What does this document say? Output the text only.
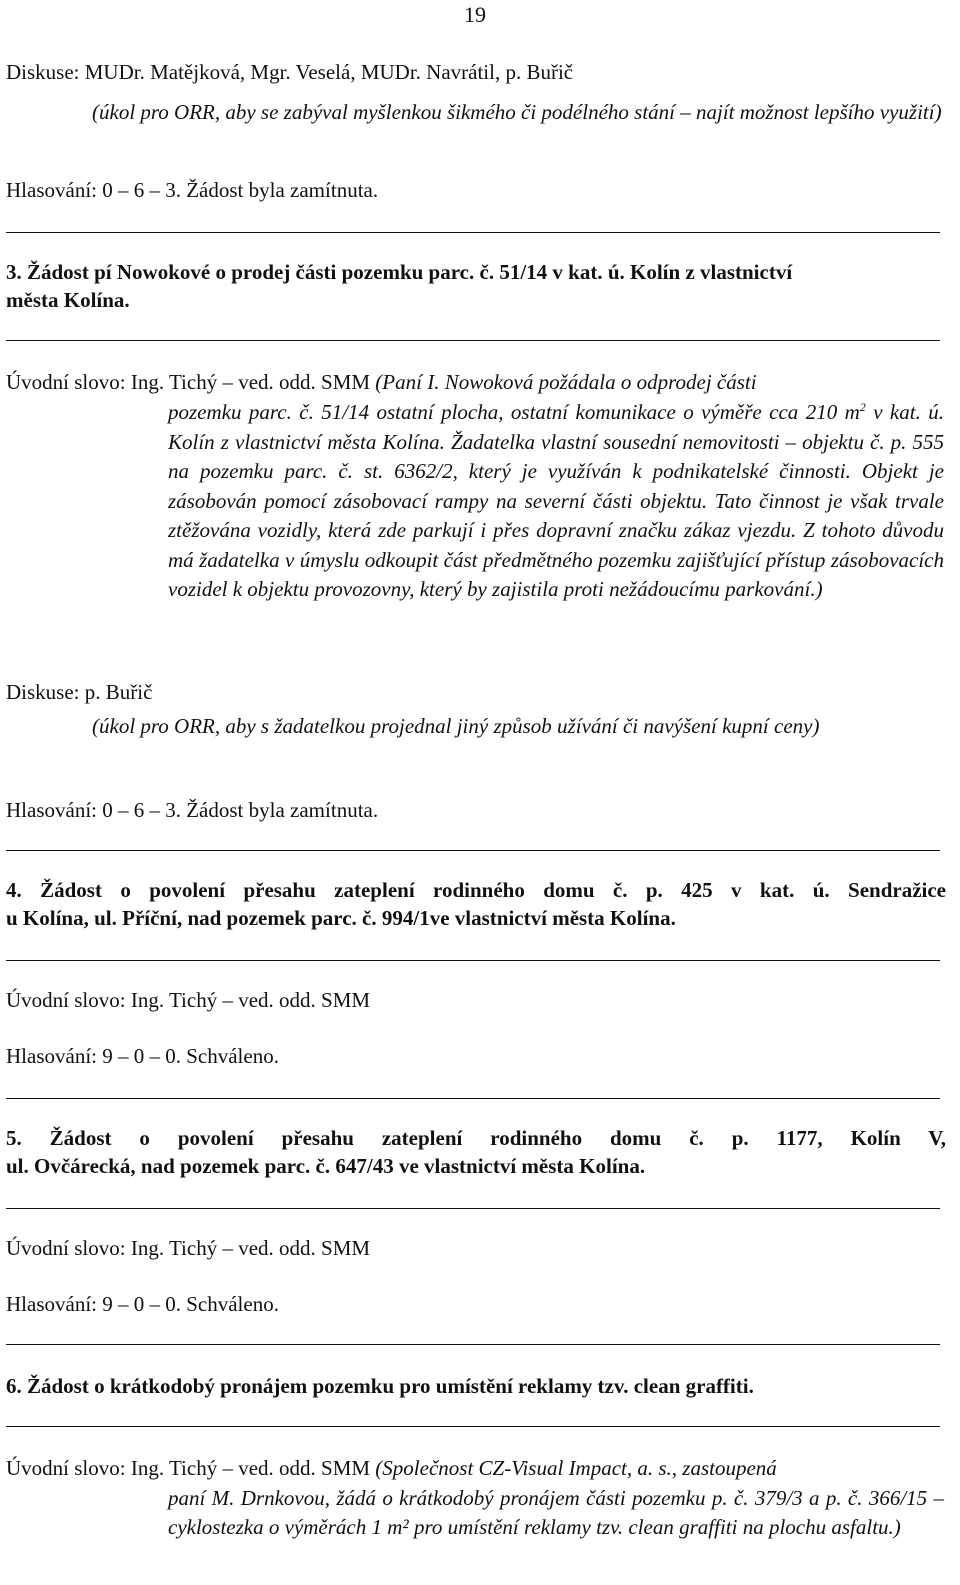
19
Diskuse: MUDr. Matějková, Mgr. Veselá, MUDr. Navrátil, p. Buřič
(úkol pro ORR, aby se zabýval myšlenkou šikmého či podélného stání – najít možnost lepšího využití)
Hlasování: 0 – 6 – 3. Žádost byla zamítnuta.
3. Žádost pí Nowokové o prodej části pozemku parc. č. 51/14 v kat. ú. Kolín z vlastnictví
města Kolína.
Úvodní slovo: Ing. Tichý – ved. odd. SMM (Paní I. Nowoková požádala o odprodej části
pozemku parc. č. 51/14 ostatní plocha, ostatní komunikace o výměře cca 210 $m^2$ v kat. ú. Kolín z vlastnictví města Kolína. Žadatelka vlastní sousední nemovitosti – objektu č. p. 555 na pozemku parc. č. st. 6362/2, který je využíván k podnikatelské činnosti. Objekt je zásobován pomocí zásobovací rampy na severní části objektu. Tato činnost je však trvale ztěžována vozidly, která zde parkují i přes dopravní značku zákaz vjezdu. Z tohoto důvodu má žadatelka v úmyslu odkoupit část předmětného pozemku zajišťující přístup zásobovacích vozidel k objektu provozovny, který by zajistila proti nežádoucímu parkování.)
Diskuse: p. Buřič
(úkol pro ORR, aby s žadatelkou projednal jiný způsob užívání či navýšení kupní ceny)
Hlasování: 0 – 6 – 3. Žádost byla zamítnuta.
4. Žádost o povolení přesahu zateplení rodinného domu č. p. 425 v kat. ú. Sendražice
u Kolína, ul. Příční, nad pozemek parc. č. 994/1ve vlastnictví města Kolína.
Úvodní slovo: Ing. Tichý – ved. odd. SMM
Hlasování: 9 – 0 – 0. Schváleno.
5. Žádost o povolení přesahu zateplení rodinného domu č. p. 1177, Kolín V,
ul. Ovčárecká, nad pozemek parc. č. 647/43 ve vlastnictví města Kolína.
Úvodní slovo: Ing. Tichý – ved. odd. SMM
Hlasování: 9 – 0 – 0. Schváleno.
6. Žádost o krátkodobý pronájem pozemku pro umístění reklamy tzv. clean graffiti.
Úvodní slovo: Ing. Tichý – ved. odd. SMM (Společnost CZ-Visual Impact, a. s., zastoupená
paní M. Drnkovou, žádá o krátkodobý pronájem části pozemku p. č. 379/3 a p. č. 366/15 – cyklostezka o výměrách 1 m² pro umístění reklamy tzv. clean graffiti na plochu asfaltu.)
